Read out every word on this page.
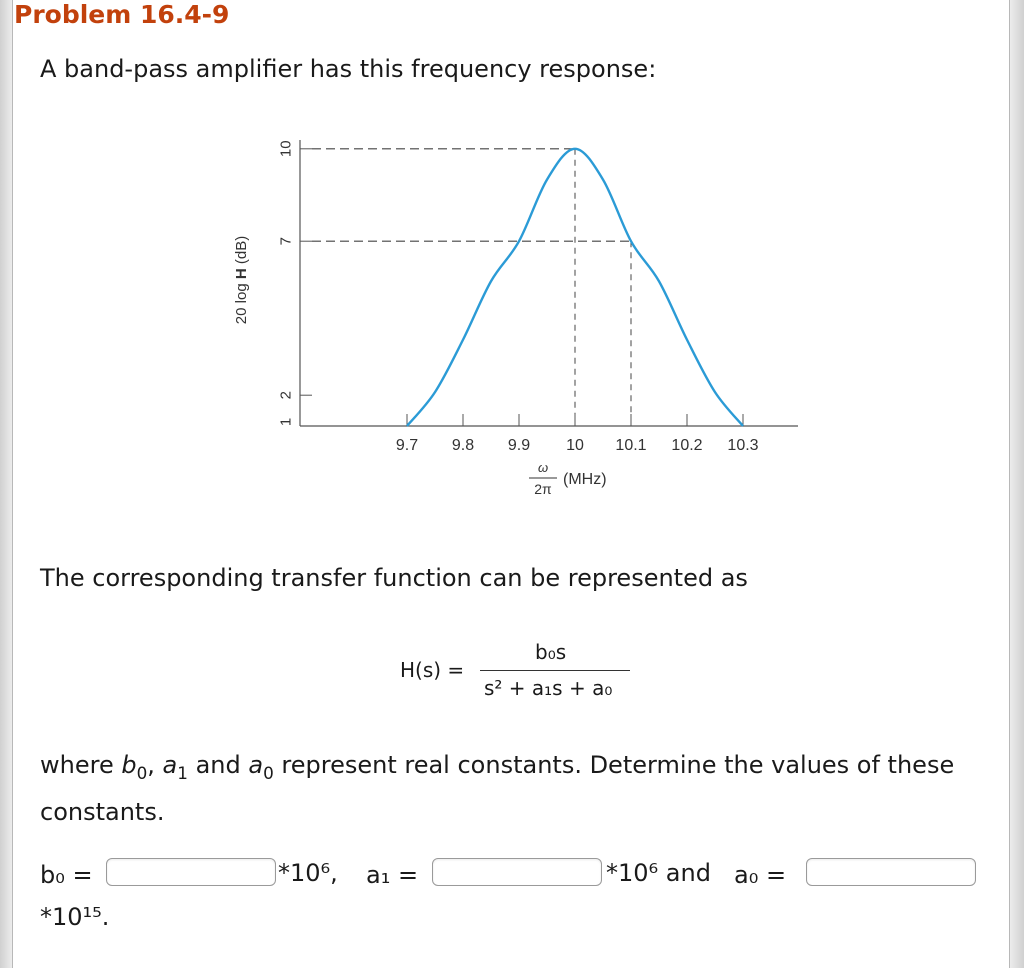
Problem 16.4-9
A band-pass amplifier has this frequency response:
10
7
2
1
9.7 9.8 9.9 10 10.1 10.2 10.3
20 log H (dB)
ω
2π
(MHz)
The corresponding transfer function can be represented as
H(s) =
b₀s
s² + a₁s + a₀
where $b_0$, $a_1$ and $a_0$ represent real constants. Determine the values of these constants.
b₀ =	*10⁶, a₁ =	*10⁶ and a₀ =
*10¹⁵.
